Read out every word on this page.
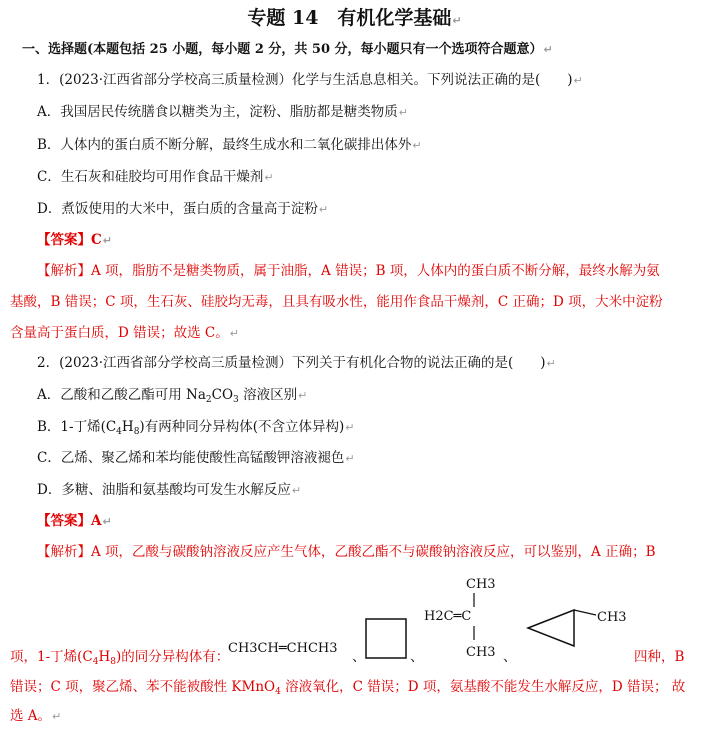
专题 14　有机化学基础↵
一、选择题(本题包括 25 小题，每小题 2 分，共 50 分，每小题只有一个选项符合题意）↵
1．(2023·江西省部分学校高三质量检测）化学与生活息息相关。下列说法正确的是(　　)↵
A．我国居民传统膳食以糖类为主，淀粉、脂肪都是糖类物质↵
B．人体内的蛋白质不断分解，最终生成水和二氧化碳排出体外↵
C．生石灰和硅胶均可用作食品干燥剂↵
D．煮饭使用的大米中，蛋白质的含量高于淀粉↵
【答案】C↵
【解析】A 项，脂肪不是糖类物质，属于油脂，A 错误；B 项，人体内的蛋白质不断分解，最终水解为氨
基酸，B 错误；C 项，生石灰、硅胶均无毒，且具有吸水性，能用作食品干燥剂，C 正确；D 项，大米中淀粉
含量高于蛋白质，D 错误；故选 C。↵
2．(2023·江西省部分学校高三质量检测）下列关于有机化合物的说法正确的是(　　)↵
A．乙酸和乙酸乙酯可用 $Na_2CO_3$ 溶液区别↵
B．1-丁烯$(C_4H_8)$有两种同分异构体(不含立体异构)↵
C．乙烯、聚乙烯和苯均能使酸性高锰酸钾溶液褪色↵
D．多糖、油脂和氨基酸均可发生水解反应↵
【答案】A↵
【解析】A 项，乙酸与碳酸钠溶液反应产生气体，乙酸乙酯不与碳酸钠溶液反应，可以鉴别，A 正确；B
项，1-丁烯$(C_4H_8)$的同分异构体有：
CH3CH═CHCH3
、	、
CH3
H2C═C
CH3 、
CH3
四种，B
错误；C 项，聚乙烯、苯不能被酸性 KMnO$_4$ 溶液氧化，C 错误；D 项，氨基酸不能发生水解反应，D 错误； 故
选 A。↵
